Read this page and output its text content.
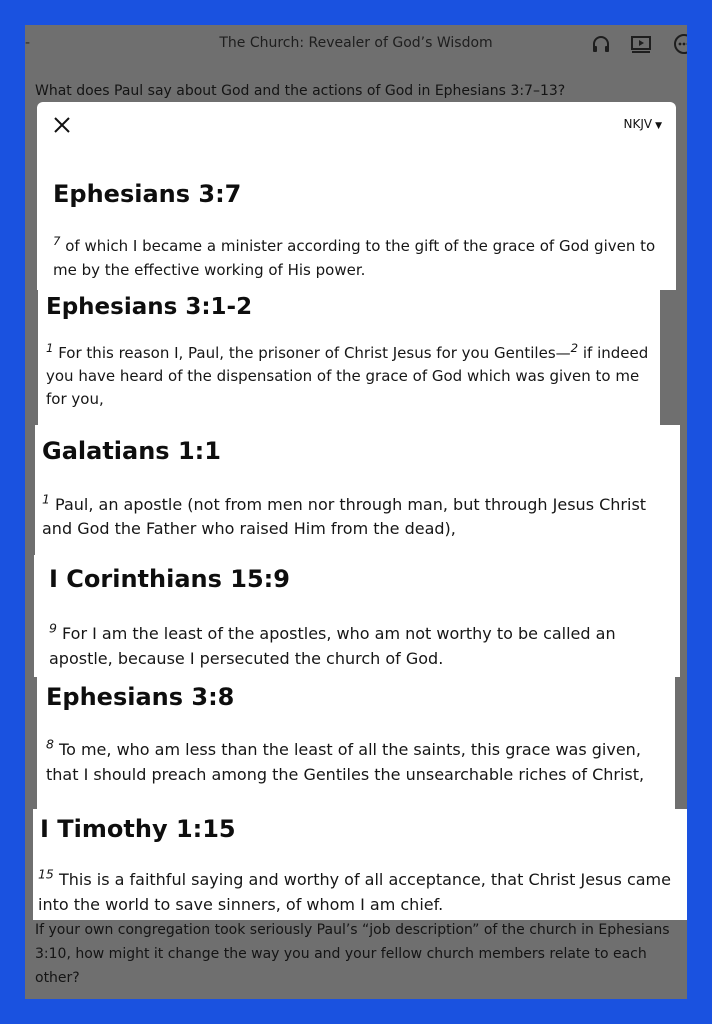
-	The Church: Revealer of God’s Wisdom
What does Paul say about God and the actions of God in Ephesians 3:7–13?
If your own congregation took seriously Paul’s “job description” of the church in Ephesians 3:10, how might it change the way you and your fellow church members relate to each other?
NKJV ▼
Ephesians 3:7
$^7$ of which I became a minister according to the gift of the grace of God given to me by the effective working of His power.
Ephesians 3:1-2
$^1$ For this reason I, Paul, the prisoner of Christ Jesus for you Gentiles—$^2$ if indeed you have heard of the dispensation of the grace of God which was given to me for you,
Galatians 1:1
$^1$ Paul, an apostle (not from men nor through man, but through Jesus Christ and God the Father who raised Him from the dead),
I Corinthians 15:9
$^9$ For I am the least of the apostles, who am not worthy to be called an apostle, because I persecuted the church of God.
Ephesians 3:8
$^8$ To me, who am less than the least of all the saints, this grace was given, that I should preach among the Gentiles the unsearchable riches of Christ,
I Timothy 1:15
$^{15}$ This is a faithful saying and worthy of all acceptance, that Christ Jesus came into the world to save sinners, of whom I am chief.
